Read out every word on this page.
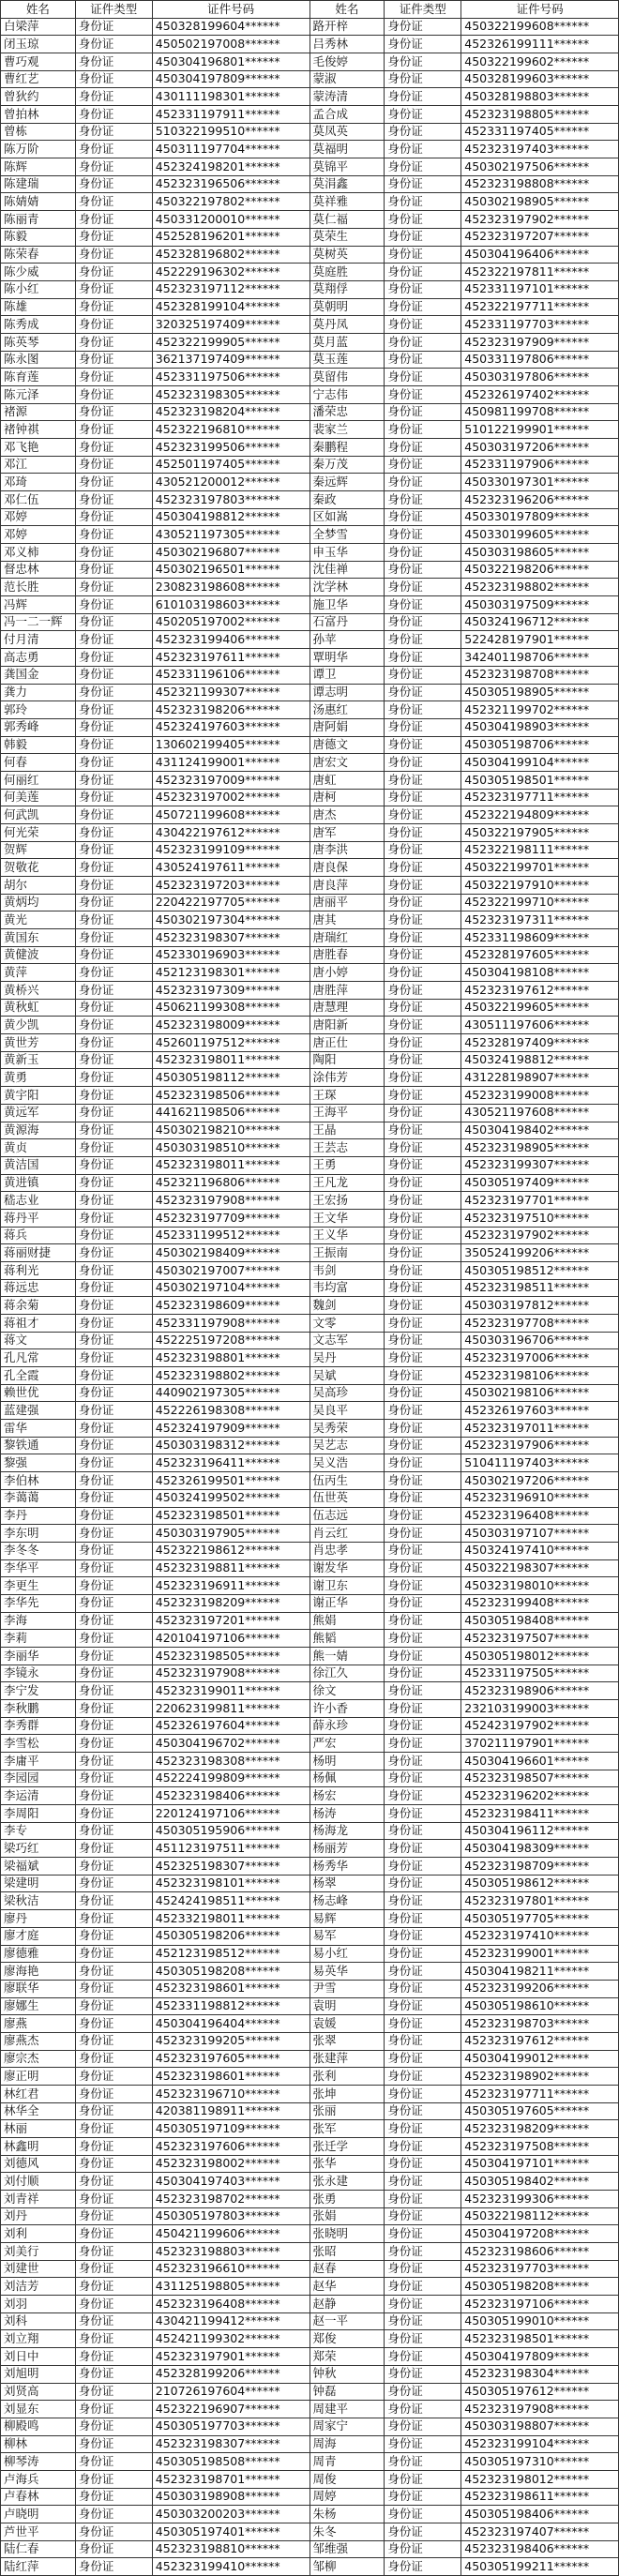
姓名	证件类型	证件号码	姓名	证件类型	证件号码
白梁萍	身份证	450328199604******	路开梓	身份证	450322199608******
闭玉琼	身份证	450502197008******	吕秀林	身份证	452326199111******
曹巧观	身份证	450304196801******	毛俊婷	身份证	450322199602******
曹红艺	身份证	450304197809******	蒙淑	身份证	450328199603******
曾狄约	身份证	430111198301******	蒙涛清	身份证	450328198803******
曾拍林	身份证	452331197911******	孟合成	身份证	452323198805******
曾栋	身份证	510322199510******	莫凤英	身份证	452331197405******
陈万阶	身份证	450311197704******	莫福明	身份证	452323197403******
陈辉	身份证	452324198201******	莫锦平	身份证	450302197506******
陈建瑞	身份证	452323196506******	莫涓鑫	身份证	452323198808******
陈婧婧	身份证	450322197802******	莫祥雅	身份证	450302198905******
陈丽青	身份证	450331200010******	莫仁福	身份证	452323197902******
陈毅	身份证	452528196201******	莫荣生	身份证	452323197207******
陈荣春	身份证	452328196802******	莫树英	身份证	450304196406******
陈少威	身份证	452229196302******	莫庭胜	身份证	452322197811******
陈小红	身份证	452323197112******	莫翔俘	身份证	452331197101******
陈雄	身份证	452328199104******	莫朝明	身份证	452322197711******
陈秀成	身份证	320325197409******	莫丹凤	身份证	452331197703******
陈英琴	身份证	452322199905******	莫月蓝	身份证	452323197909******
陈永图	身份证	362137197409******	莫玉莲	身份证	450331197806******
陈育莲	身份证	452331197506******	莫留伟	身份证	450303197806******
陈元泽	身份证	452323198305******	宁志伟	身份证	452326197402******
褚源	身份证	452323198204******	潘荣忠	身份证	450981199708******
褚钟祺	身份证	452322196810******	裴家兰	身份证	510122199901******
邓飞艳	身份证	452323199506******	秦鹏程	身份证	450303197206******
邓江	身份证	452501197405******	秦万茂	身份证	452331197906******
邓琦	身份证	430521200012******	秦远辉	身份证	450330197301******
邓仁伍	身份证	452323197803******	秦政	身份证	452323196206******
邓婷	身份证	450304198812******	区如嵩	身份证	450330197809******
邓婷	身份证	430521197305******	全梦雪	身份证	450330199605******
邓义柿	身份证	450302196807******	申玉华	身份证	450303198605******
督忠林	身份证	450302196501******	沈佳禅	身份证	450322198206******
范长胜	身份证	230823198608******	沈学林	身份证	452323198802******
冯辉	身份证	610103198603******	施卫华	身份证	450303197509******
冯一二一辉	身份证	450205197002******	石富丹	身份证	450324196712******
付月清	身份证	452323199406******	孙苹	身份证	522428197901******
高志勇	身份证	452323197611******	覃明华	身份证	342401198706******
龚国金	身份证	452331196106******	谭卫	身份证	452323198708******
龚力	身份证	452321199307******	谭志明	身份证	450305198905******
郭玲	身份证	452323198206******	汤惠红	身份证	452321199702******
郭秀峰	身份证	452324197603******	唐阿娟	身份证	450304198903******
韩毅	身份证	130602199405******	唐德文	身份证	450305198706******
何春	身份证	431124199001******	唐宏文	身份证	450304199104******
何丽红	身份证	452323197009******	唐虹	身份证	450305198501******
何美莲	身份证	452323197002******	唐柯	身份证	452323197711******
何武凯	身份证	450721199608******	唐杰	身份证	452322194809******
何光荣	身份证	430422197612******	唐军	身份证	450322197905******
贺辉	身份证	452323199109******	唐李洪	身份证	452322198111******
贺敬花	身份证	430524197611******	唐良保	身份证	450322199701******
胡尔	身份证	452323197203******	唐良萍	身份证	450322197910******
黄炳均	身份证	220422197705******	唐丽平	身份证	452322199710******
黄光	身份证	450302197304******	唐其	身份证	452323197311******
黄国东	身份证	452323198307******	唐瑞红	身份证	452331198609******
黄健波	身份证	452330196903******	唐胜春	身份证	452328197605******
黄萍	身份证	452123198301******	唐小婷	身份证	450304198108******
黄桥兴	身份证	452323197309******	唐胜萍	身份证	452323197612******
黄秋虹	身份证	450621199308******	唐慧理	身份证	450322199605******
黄少凯	身份证	452323198009******	唐阳新	身份证	430511197606******
黄世芳	身份证	452601197512******	唐正仕	身份证	452328197409******
黄新玉	身份证	452323198011******	陶阳	身份证	450324198812******
黄勇	身份证	450305198112******	涂伟芳	身份证	431228198907******
黄宇阳	身份证	452323198506******	王琛	身份证	452323199008******
黄远军	身份证	441621198506******	王海平	身份证	430521197608******
黄源海	身份证	450302198210******	王晶	身份证	450304198402******
黄贞	身份证	450303198510******	王芸志	身份证	452323198905******
黄洁国	身份证	452323198011******	王勇	身份证	452323199307******
黄进镇	身份证	452321196806******	王凡龙	身份证	450305197409******
嵇志业	身份证	452323197908******	王宏扬	身份证	452323197701******
蒋丹平	身份证	452323197709******	王文华	身份证	452323197510******
蒋兵	身份证	452331199512******	王义华	身份证	452323197902******
蒋丽财捷	身份证	450302198409******	王振南	身份证	350524199206******
蒋利光	身份证	450302197007******	韦剑	身份证	450305198512******
蒋远忠	身份证	450302197104******	韦均富	身份证	452323198511******
蒋余菊	身份证	452323198609******	魏剑	身份证	450303197812******
蒋祖才	身份证	452331197908******	文零	身份证	452323197708******
蒋文	身份证	452225197208******	文志军	身份证	450303196706******
孔凡常	身份证	452323198801******	吴丹	身份证	452323197006******
孔全霞	身份证	452323198802******	吴斌	身份证	452323198106******
赖世优	身份证	440902197305******	吴高珍	身份证	450302198106******
蓝建强	身份证	452226198308******	吴良平	身份证	452326197603******
雷华	身份证	452324197909******	吴秀荣	身份证	452323197011******
黎铁通	身份证	450303198312******	吴艺志	身份证	452323197906******
黎强	身份证	452323196411******	吴义浩	身份证	510411197403******
李伯林	身份证	452326199501******	伍丙生	身份证	450302197206******
李蔼蔼	身份证	450324199502******	伍世英	身份证	452323196910******
李丹	身份证	452323198501******	伍志远	身份证	452323196408******
李东明	身份证	450303197905******	肖云红	身份证	450303197107******
李冬冬	身份证	452322198612******	肖忠孝	身份证	450324197410******
李华平	身份证	452323198811******	谢发华	身份证	450322198307******
李更生	身份证	452323196911******	谢卫东	身份证	450323198010******
李华先	身份证	452323198209******	谢正华	身份证	452323199408******
李海	身份证	452323197201******	熊娟	身份证	450305198408******
李莉	身份证	420104197106******	熊韬	身份证	452323197507******
李丽华	身份证	452323198505******	熊一婧	身份证	450305198012******
李镜永	身份证	452323197908******	徐江久	身份证	452331197505******
李宁发	身份证	452323199011******	徐文	身份证	452323198906******
李秋鹏	身份证	220623199811******	许小香	身份证	232103199003******
李秀群	身份证	452326197604******	薛永珍	身份证	452423197902******
李雪松	身份证	450304196702******	严宏	身份证	370211197901******
李庸平	身份证	452323198308******	杨明	身份证	450304196601******
李园园	身份证	452224199809******	杨佩	身份证	452323198507******
李运清	身份证	452323198406******	杨宏	身份证	452323196202******
李周阳	身份证	220124197106******	杨涛	身份证	452323198411******
李专	身份证	450305195906******	杨海龙	身份证	450304196112******
梁巧红	身份证	451123197511******	杨丽芳	身份证	450304198309******
梁福斌	身份证	452325198307******	杨秀华	身份证	452323198709******
梁建明	身份证	452323198101******	杨翠	身份证	450305198612******
梁秋洁	身份证	452424198511******	杨志峰	身份证	452323197801******
廖丹	身份证	452332198011******	易辉	身份证	450305197705******
廖才庭	身份证	450305198206******	易军	身份证	452323197410******
廖德雅	身份证	452123198512******	易小红	身份证	452323199001******
廖海艳	身份证	450305198208******	易英华	身份证	450304198211******
廖联华	身份证	452323198601******	尹雪	身份证	452323199206******
廖娜生	身份证	452331198812******	袁明	身份证	450305198610******
廖燕	身份证	450304196404******	袁媛	身份证	452323198703******
廖燕杰	身份证	452323199205******	张翠	身份证	452323197612******
廖宗杰	身份证	452323197605******	张建萍	身份证	450304199012******
廖正明	身份证	452323198601******	张利	身份证	452323198902******
林红君	身份证	452323196710******	张坤	身份证	452323197711******
林华全	身份证	420381198911******	张丽	身份证	450305197605******
林丽	身份证	450305197109******	张军	身份证	452323198209******
林鑫明	身份证	452323197606******	张迁学	身份证	452323197508******
刘德风	身份证	452323198002******	张华	身份证	450304197101******
刘付顺	身份证	450304197403******	张永建	身份证	450305198402******
刘青祥	身份证	452323198702******	张勇	身份证	452323199306******
刘丹	身份证	450305197803******	张娟	身份证	450322198112******
刘利	身份证	450421199606******	张晓明	身份证	450304197208******
刘美行	身份证	452323198803******	张昭	身份证	452323198606******
刘建世	身份证	452323196610******	赵春	身份证	452323197703******
刘洁芳	身份证	431125198805******	赵华	身份证	450305198208******
刘羽	身份证	452323196408******	赵静	身份证	452323197106******
刘科	身份证	430421199412******	赵一平	身份证	450305199010******
刘立翔	身份证	452421199302******	郑俊	身份证	452323198501******
刘日中	身份证	452323197901******	郑荣	身份证	450304197809******
刘旭明	身份证	452328199206******	钟秋	身份证	452323198304******
刘贤高	身份证	210726197604******	钟磊	身份证	450305197612******
刘显东	身份证	452322196907******	周建平	身份证	452323197908******
柳殿鸣	身份证	450305197703******	周家宁	身份证	450303198807******
柳林	身份证	452323198307******	周海	身份证	452323199104******
柳琴涛	身份证	450305198508******	周青	身份证	450305197310******
卢海兵	身份证	452323198701******	周俊	身份证	452323198012******
卢春林	身份证	450303198908******	周婷	身份证	452323198611******
卢晓明	身份证	450303200203******	朱杨	身份证	450305198406******
芦世平	身份证	450305197401******	朱冬	身份证	452323197407******
陆仁春	身份证	452323198810******	邹维强	身份证	452323198406******
陆红萍	身份证	452323199410******	邹柳	身份证	450305199211******
